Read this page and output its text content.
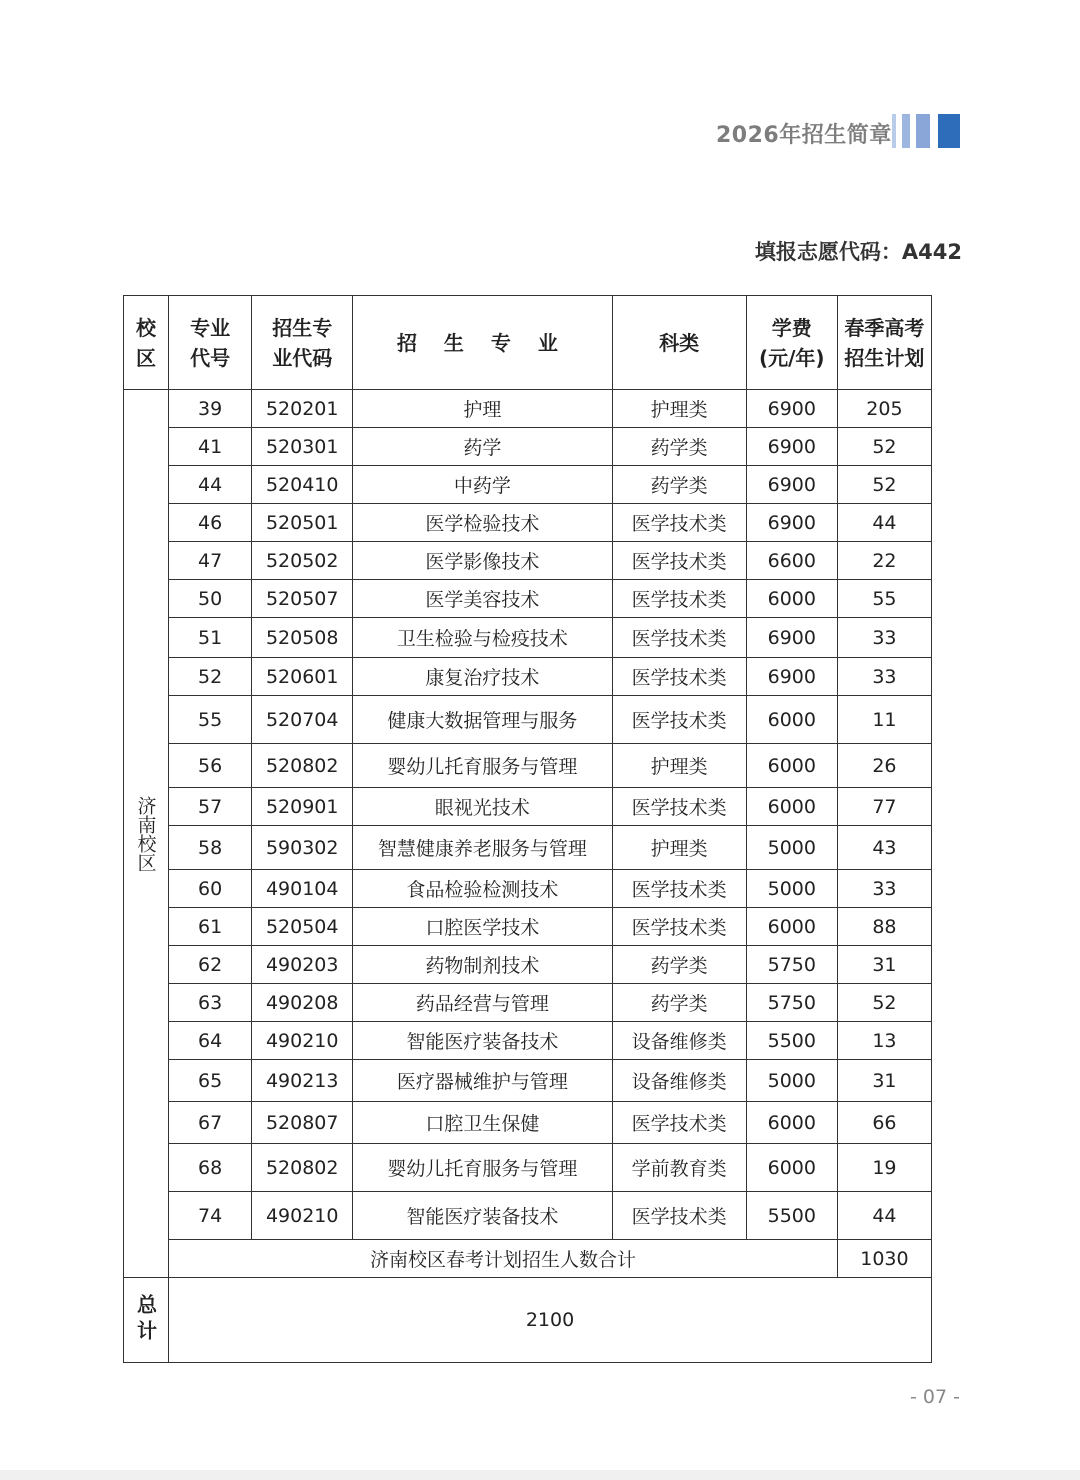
2026年招生简章
填报志愿代码：A442
校区	专业代号	招生专业代码	招 生 专 业	科类	学费(元/年)	春季高考招生计划

济南校区	39	520201	护理	护理类	6900	205
	41	520301	药学	药学类	6900	52
	44	520410	中药学	药学类	6900	52
	46	520501	医学检验技术	医学技术类	6900	44
	47	520502	医学影像技术	医学技术类	6600	22
	50	520507	医学美容技术	医学技术类	6000	55
	51	520508	卫生检验与检疫技术	医学技术类	6900	33
	52	520601	康复治疗技术	医学技术类	6900	33
	55	520704	健康大数据管理与服务	医学技术类	6000	11
	56	520802	婴幼儿托育服务与管理	护理类	6000	26
	57	520901	眼视光技术	医学技术类	6000	77
	58	590302	智慧健康养老服务与管理	护理类	5000	43
	60	490104	食品检验检测技术	医学技术类	5000	33
	61	520504	口腔医学技术	医学技术类	6000	88
	62	490203	药物制剂技术	药学类	5750	31
	63	490208	药品经营与管理	药学类	5750	52
	64	490210	智能医疗装备技术	设备维修类	5500	13
	65	490213	医疗器械维护与管理	设备维修类	5000	31
	67	520807	口腔卫生保健	医学技术类	6000	66
	68	520802	婴幼儿托育服务与管理	学前教育类	6000	19
	74	490210	智能医疗装备技术	医学技术类	5500	44
	济南校区春考计划招生人数合计					1030

总计	2100					
- 07 -
